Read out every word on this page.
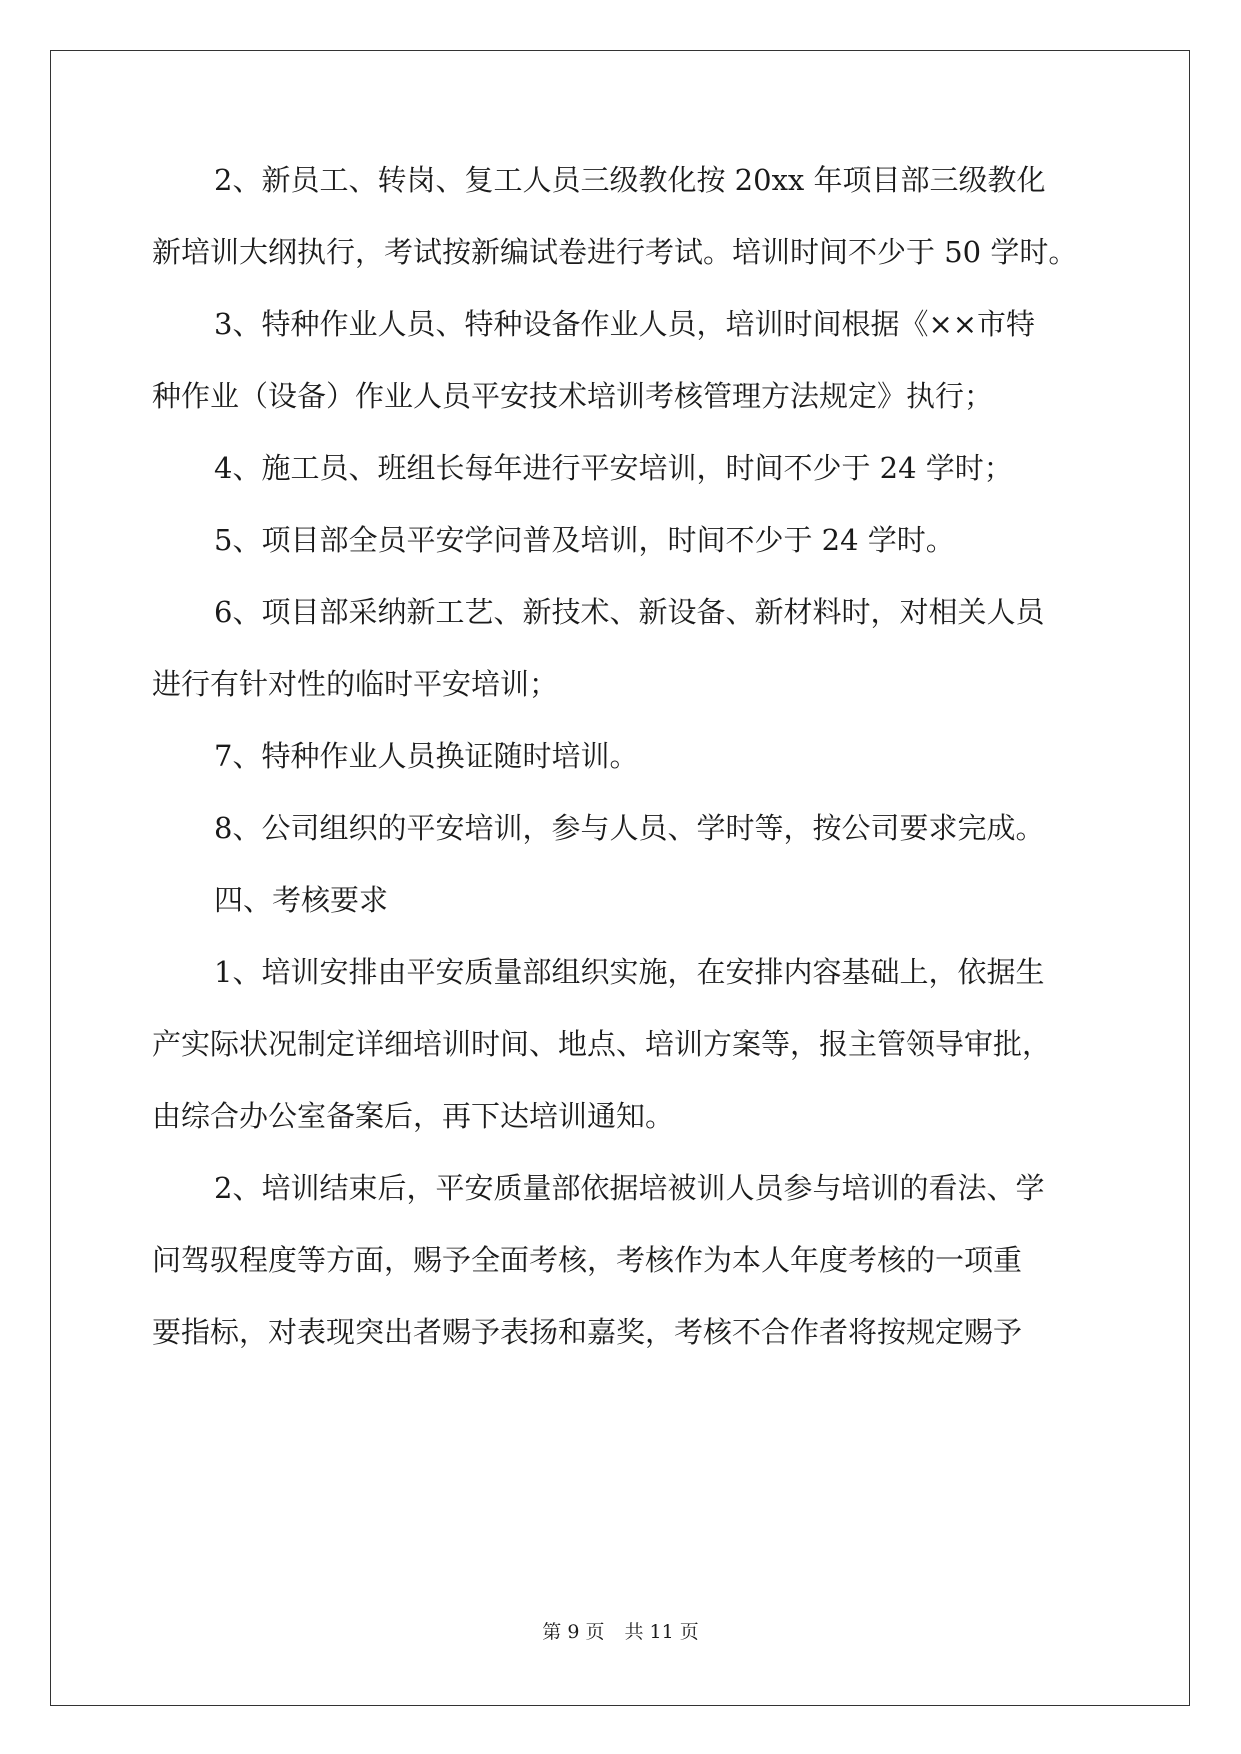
2、新员工、转岗、复工人员三级教化按 20xx 年项目部三级教化

新培训大纲执行，考试按新编试卷进行考试。培训时间不少于 50 学时。

3、特种作业人员、特种设备作业人员，培训时间根据《××市特

种作业（设备）作业人员平安技术培训考核管理方法规定》执行；

4、施工员、班组长每年进行平安培训，时间不少于 24 学时；

5、项目部全员平安学问普及培训，时间不少于 24 学时。

6、项目部采纳新工艺、新技术、新设备、新材料时，对相关人员

进行有针对性的临时平安培训；

7、特种作业人员换证随时培训。

8、公司组织的平安培训，参与人员、学时等，按公司要求完成。

四、考核要求

1、培训安排由平安质量部组织实施，在安排内容基础上，依据生

产实际状况制定详细培训时间、地点、培训方案等，报主管领导审批，

由综合办公室备案后，再下达培训通知。

2、培训结束后，平安质量部依据培被训人员参与培训的看法、学

问驾驭程度等方面，赐予全面考核，考核作为本人年度考核的一项重

要指标，对表现突出者赐予表扬和嘉奖，考核不合作者将按规定赐予

第 9 页 共 11 页
